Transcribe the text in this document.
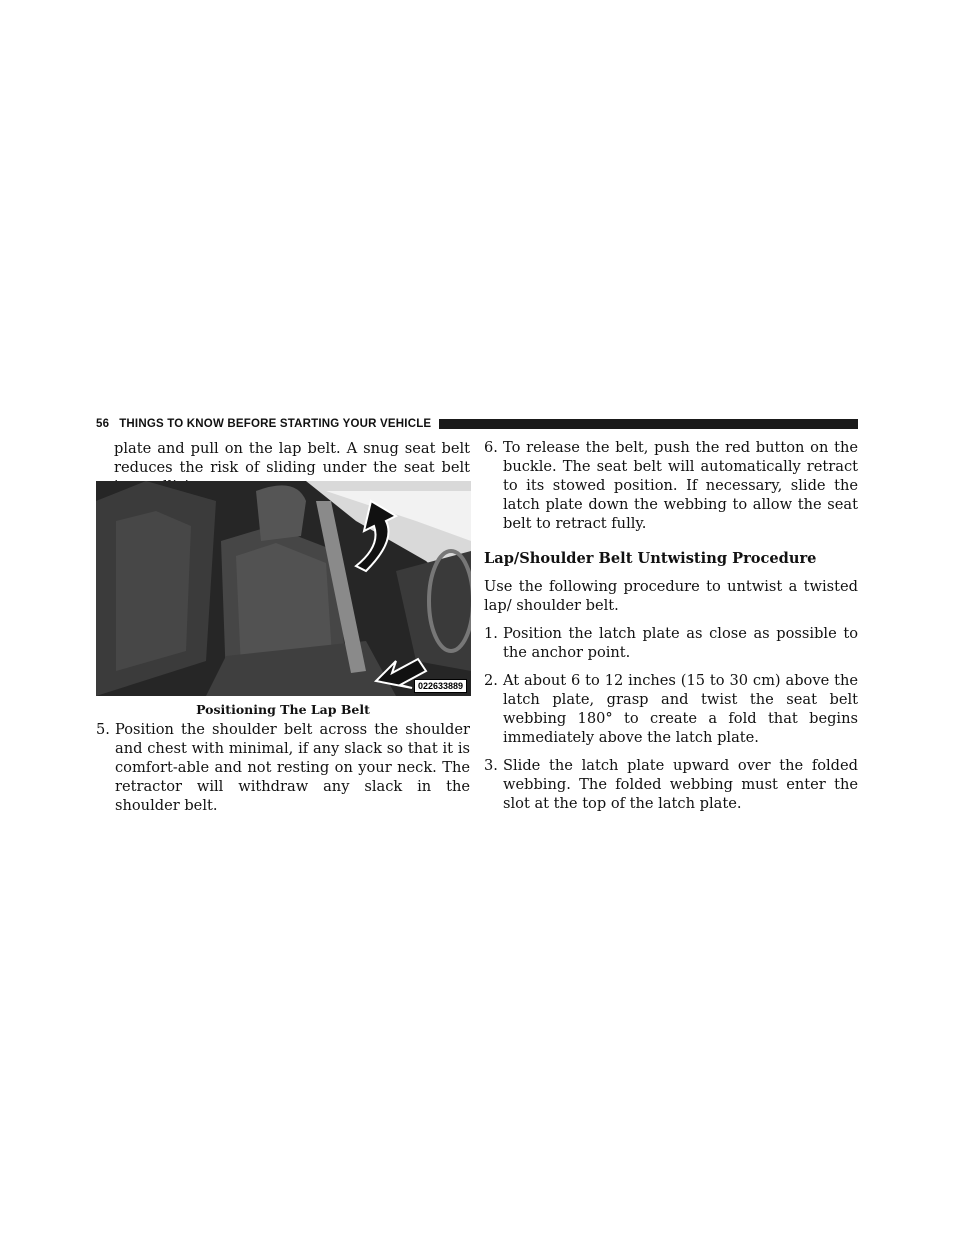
56 THINGS TO KNOW BEFORE STARTING YOUR VEHICLE

plate and pull on the lap belt. A snug seat belt reduces the risk of sliding under the seat belt

022633889
Positioning The Lap Belt
5. Position the shoulder belt across the shoulder and chest with minimal, if any slack so that it is comfort-able and not resting on your neck. The retractor will withdraw any slack in the shoulder belt.
6. To release the belt, push the red button on the buckle. The seat belt will automatically retract to its stowed position. If necessary, slide the latch plate down the webbing to allow the seat belt to retract fully.
Lap/Shoulder Belt Untwisting Procedure

Use the following procedure to untwist a twisted lap/ shoulder belt.

1. Position the latch plate as close as possible to the anchor point.
2. At about 6 to 12 inches (15 to 30 cm) above the latch plate, grasp and twist the seat belt webbing 180° to create a fold that begins immediately above the latch plate.
3. Slide the latch plate upward over the folded webbing. The folded webbing must enter the slot at the top of the latch plate.
